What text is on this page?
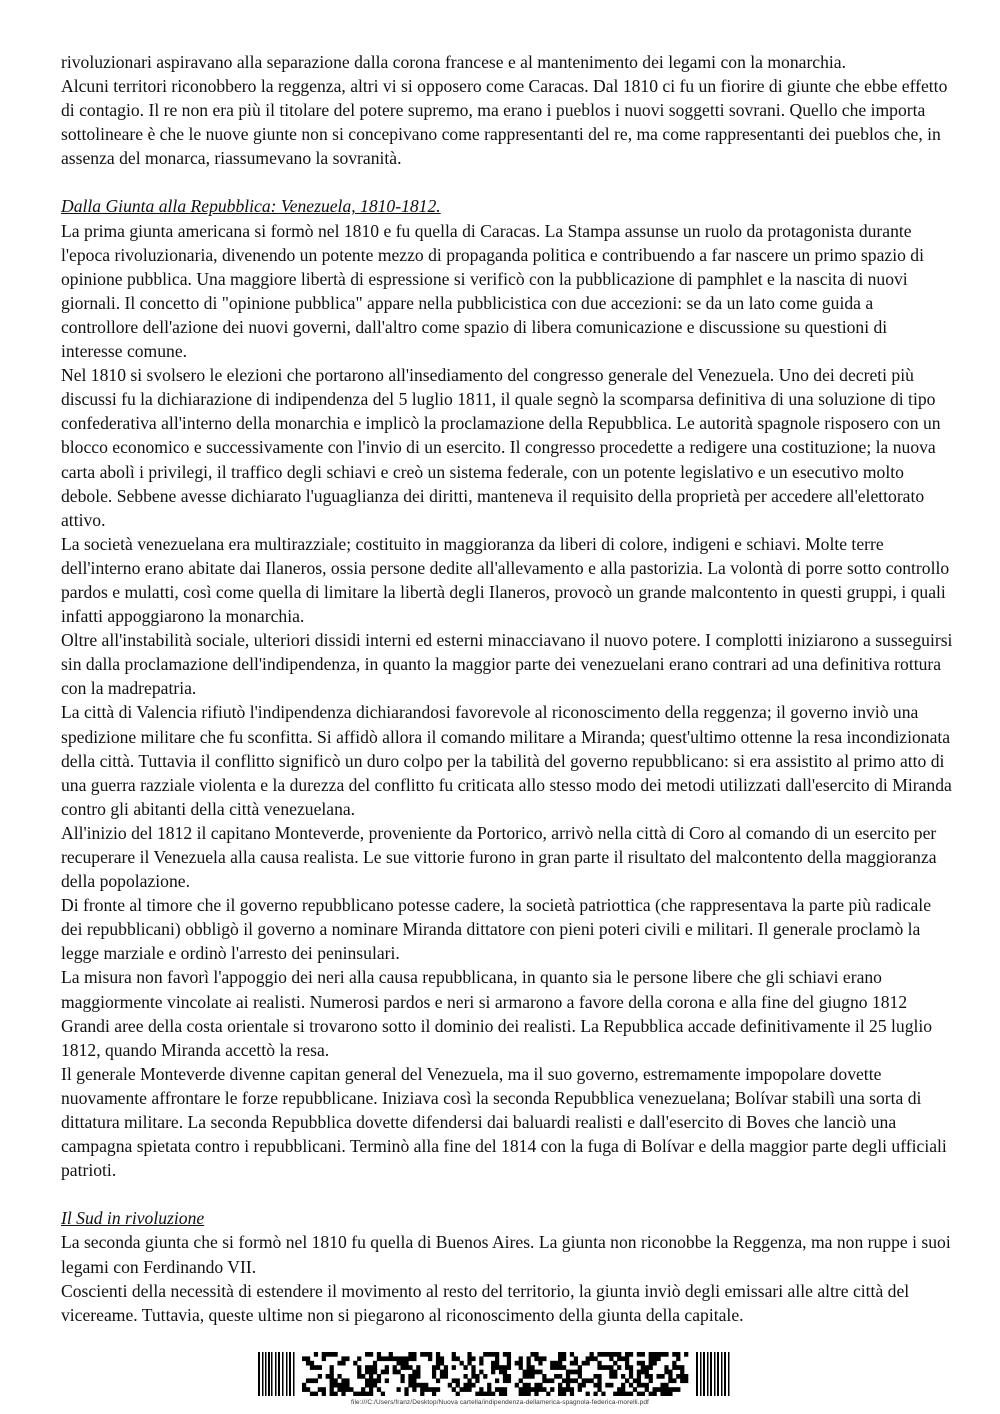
rivoluzionari aspiravano alla separazione dalla corona francese e al mantenimento dei legami con la monarchia.

Alcuni territori riconobbero la reggenza, altri vi si opposero come Caracas. Dal 1810 ci fu un fiorire di giunte che ebbe effetto di contagio. Il re non era più il titolare del potere supremo, ma erano i pueblos i nuovi soggetti sovrani. Quello che importa sottolineare è che le nuove giunte non si concepivano come rappresentanti del re, ma come rappresentanti dei pueblos che, in assenza del monarca, riassumevano la sovranità.

Dalla Giunta alla Repubblica: Venezuela, 1810-1812.

La prima giunta americana si formò nel 1810 e fu quella di Caracas. La Stampa assunse un ruolo da protagonista durante l'epoca rivoluzionaria, divenendo un potente mezzo di propaganda politica e contribuendo a far nascere un primo spazio di opinione pubblica. Una maggiore libertà di espressione si verificò con la pubblicazione di pamphlet e la nascita di nuovi giornali. Il concetto di "opinione pubblica" appare nella pubblicistica con due accezioni: se da un lato come guida a controllore dell'azione dei nuovi governi, dall'altro come spazio di libera comunicazione e discussione su questioni di interesse comune.

Nel 1810 si svolsero le elezioni che portarono all'insediamento del congresso generale del Venezuela. Uno dei decreti più discussi fu la dichiarazione di indipendenza del 5 luglio 1811, il quale segnò la scomparsa definitiva di una soluzione di tipo confederativa all'interno della monarchia e implicò la proclamazione della Repubblica. Le autorità spagnole risposero con un blocco economico e successivamente con l'invio di un esercito. Il congresso procedette a redigere una costituzione; la nuova carta abolì i privilegi, il traffico degli schiavi e creò un sistema federale, con un potente legislativo e un esecutivo molto debole. Sebbene avesse dichiarato l'uguaglianza dei diritti, manteneva il requisito della proprietà per accedere all'elettorato attivo.

La società venezuelana era multirazziale; costituito in maggioranza da liberi di colore, indigeni e schiavi. Molte terre dell'interno erano abitate dai Ilaneros, ossia persone dedite all'allevamento e alla pastorizia. La volontà di porre sotto controllo pardos e mulatti, così come quella di limitare la libertà degli Ilaneros, provocò un grande malcontento in questi gruppi, i quali infatti appoggiarono la monarchia.

Oltre all'instabilità sociale, ulteriori dissidi interni ed esterni minacciavano il nuovo potere. I complotti iniziarono a susseguirsi sin dalla proclamazione dell'indipendenza, in quanto la maggior parte dei venezuelani erano contrari ad una definitiva rottura con la madrepatria.

La città di Valencia rifiutò l'indipendenza dichiarandosi favorevole al riconoscimento della reggenza; il governo inviò una spedizione militare che fu sconfitta. Si affidò allora il comando militare a Miranda; quest'ultimo ottenne la resa incondizionata della città. Tuttavia il conflitto significò un duro colpo per la tabilità del governo repubblicano: si era assistito al primo atto di una guerra razziale violenta e la durezza del conflitto fu criticata allo stesso modo dei metodi utilizzati dall'esercito di Miranda contro gli abitanti della città venezuelana.

All'inizio del 1812 il capitano Monteverde, proveniente da Portorico, arrivò nella città di Coro al comando di un esercito per recuperare il Venezuela alla causa realista. Le sue vittorie furono in gran parte il risultato del malcontento della maggioranza della popolazione.

Di fronte al timore che il governo repubblicano potesse cadere, la società patriottica (che rappresentava la parte più radicale dei repubblicani) obbligò il governo a nominare Miranda dittatore con pieni poteri civili e militari. Il generale proclamò la legge marziale e ordinò l'arresto dei peninsulari.

La misura non favorì l'appoggio dei neri alla causa repubblicana, in quanto sia le persone libere che gli schiavi erano maggiormente vincolate ai realisti. Numerosi pardos e neri si armarono a favore della corona e alla fine del giugno 1812 Grandi aree della costa orientale si trovarono sotto il dominio dei realisti. La Repubblica accade definitivamente il 25 luglio 1812, quando Miranda accettò la resa.

Il generale Monteverde divenne capitan general del Venezuela, ma il suo governo, estremamente impopolare dovette nuovamente affrontare le forze repubblicane. Iniziava così la seconda Repubblica venezuelana; Bolívar stabilì una sorta di dittatura militare. La seconda Repubblica dovette difendersi dai baluardi realisti e dall'esercito di Boves che lanciò una campagna spietata contro i repubblicani. Terminò alla fine del 1814 con la fuga di Bolívar e della maggior parte degli ufficiali patrioti.

Il Sud in rivoluzione

La seconda giunta che si formò nel 1810 fu quella di Buenos Aires. La giunta non riconobbe la Reggenza, ma non ruppe i suoi legami con Ferdinando VII.

Coscienti della necessità di estendere il movimento al resto del territorio, la giunta inviò degli emissari alle altre città del vicereame. Tuttavia, queste ultime non si piegarono al riconoscimento della giunta della capitale.

file:///C:/Users/franz/Desktop/Nuova cartella/indipendenza-dellamerica-spagnola-federica-morelli.pdf
